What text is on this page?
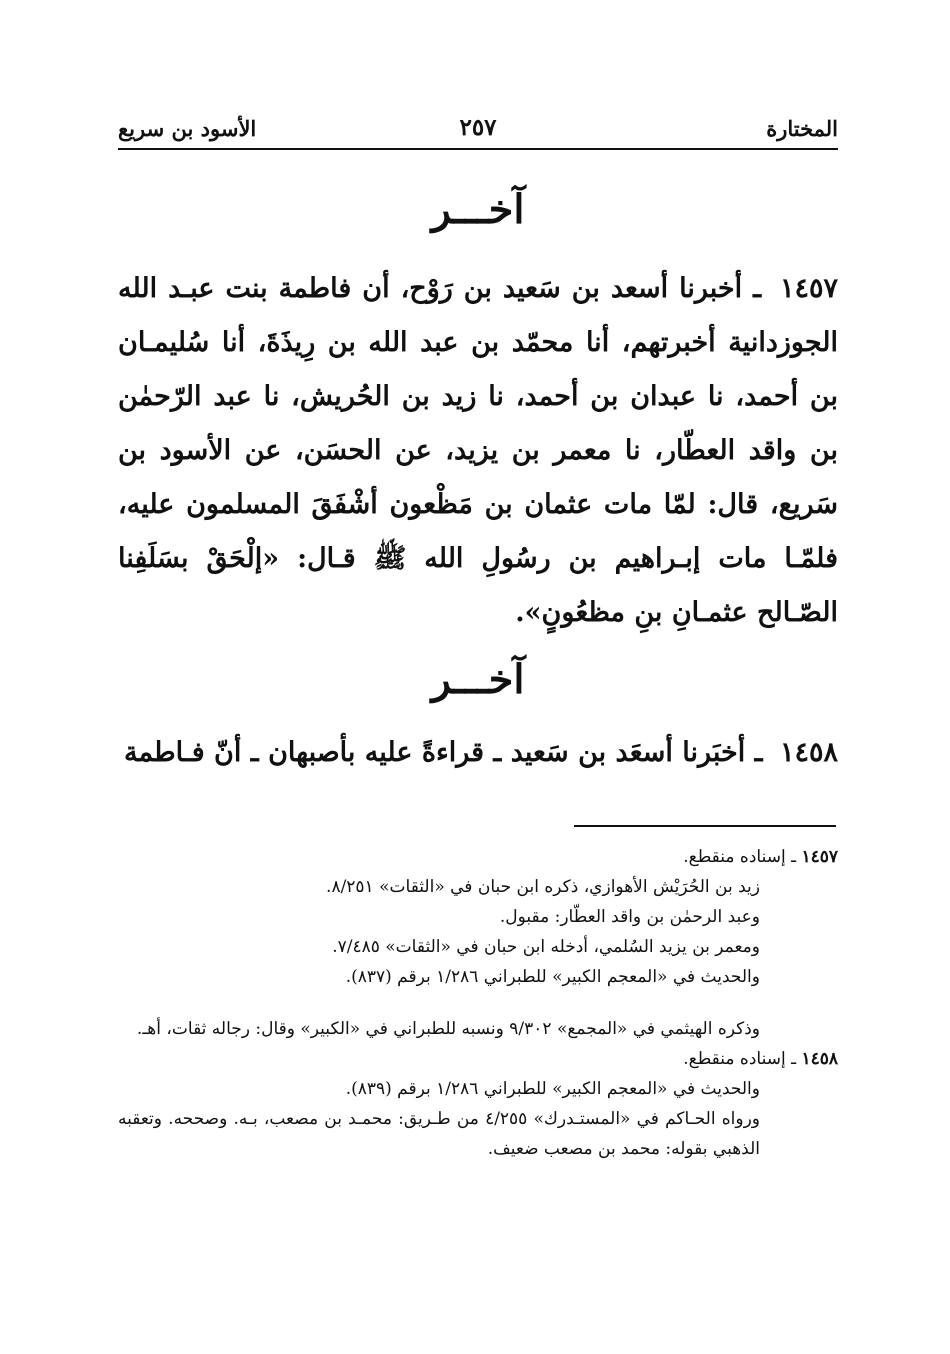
المختارة
٢٥٧
الأسود بن سريع
آخـــر

١٤٥٧ ـ أخبرنا أسعد بن سَعيد بن رَوْح، أن فاطمة بنت عبـد الله الجوزدانية أخبرتهم، أنا محمّد بن عبد الله بن رِيذَةَ، أنا سُليمـان بن أحمد، نا عبدان بن أحمد، نا زيد بن الحُريش، نا عبد الرّحمٰن بن واقد العطّار، نا معمر بن يزيد، عن الحسَن، عن الأسود بن سَريع، قال: لمّا مات عثمان بن مَظْعون أشْفَقَ المسلمون عليه، فلمّـا مات إبـراهيم بن رسُولِ الله ﷺ قـال: «إلْحَقْ بسَلَفِنا الصّـالح عثمـانِ بنِ مظعُونٍ».

آخـــر

١٤٥٨ ـ أخبَرنا أسعَد بن سَعيد ـ قراءةً عليه بأصبهان ـ أنّ فـاطمة

١٤٥٧ ـ إسناده منقطع.
زيد بن الحُرَيْش الأهوازي، ذكره ابن حبان في «الثقات» ٨/٢٥١.
وعبد الرحمٰن بن واقد العطّار: مقبول.
ومعمر بن يزيد السُلمي، أدخله ابن حبان في «الثقات» ٧/٤٨٥.
والحديث في «المعجم الكبير» للطبراني ١/٢٨٦ برقم (٨٣٧).
وذكره الهيثمي في «المجمع» ٩/٣٠٢ ونسبه للطبراني في «الكبير» وقال: رجاله ثقات، أهـ.
١٤٥٨ ـ إسناده منقطع.
والحديث في «المعجم الكبير» للطبراني ١/٢٨٦ برقم (٨٣٩).
ورواه الحـاكم في «المستـدرك» ٤/٢٥٥ من طـريق: محمـد بن مصعب، بـه. وصححه. وتعقبه الذهبي بقوله: محمد بن مصعب ضعيف.
